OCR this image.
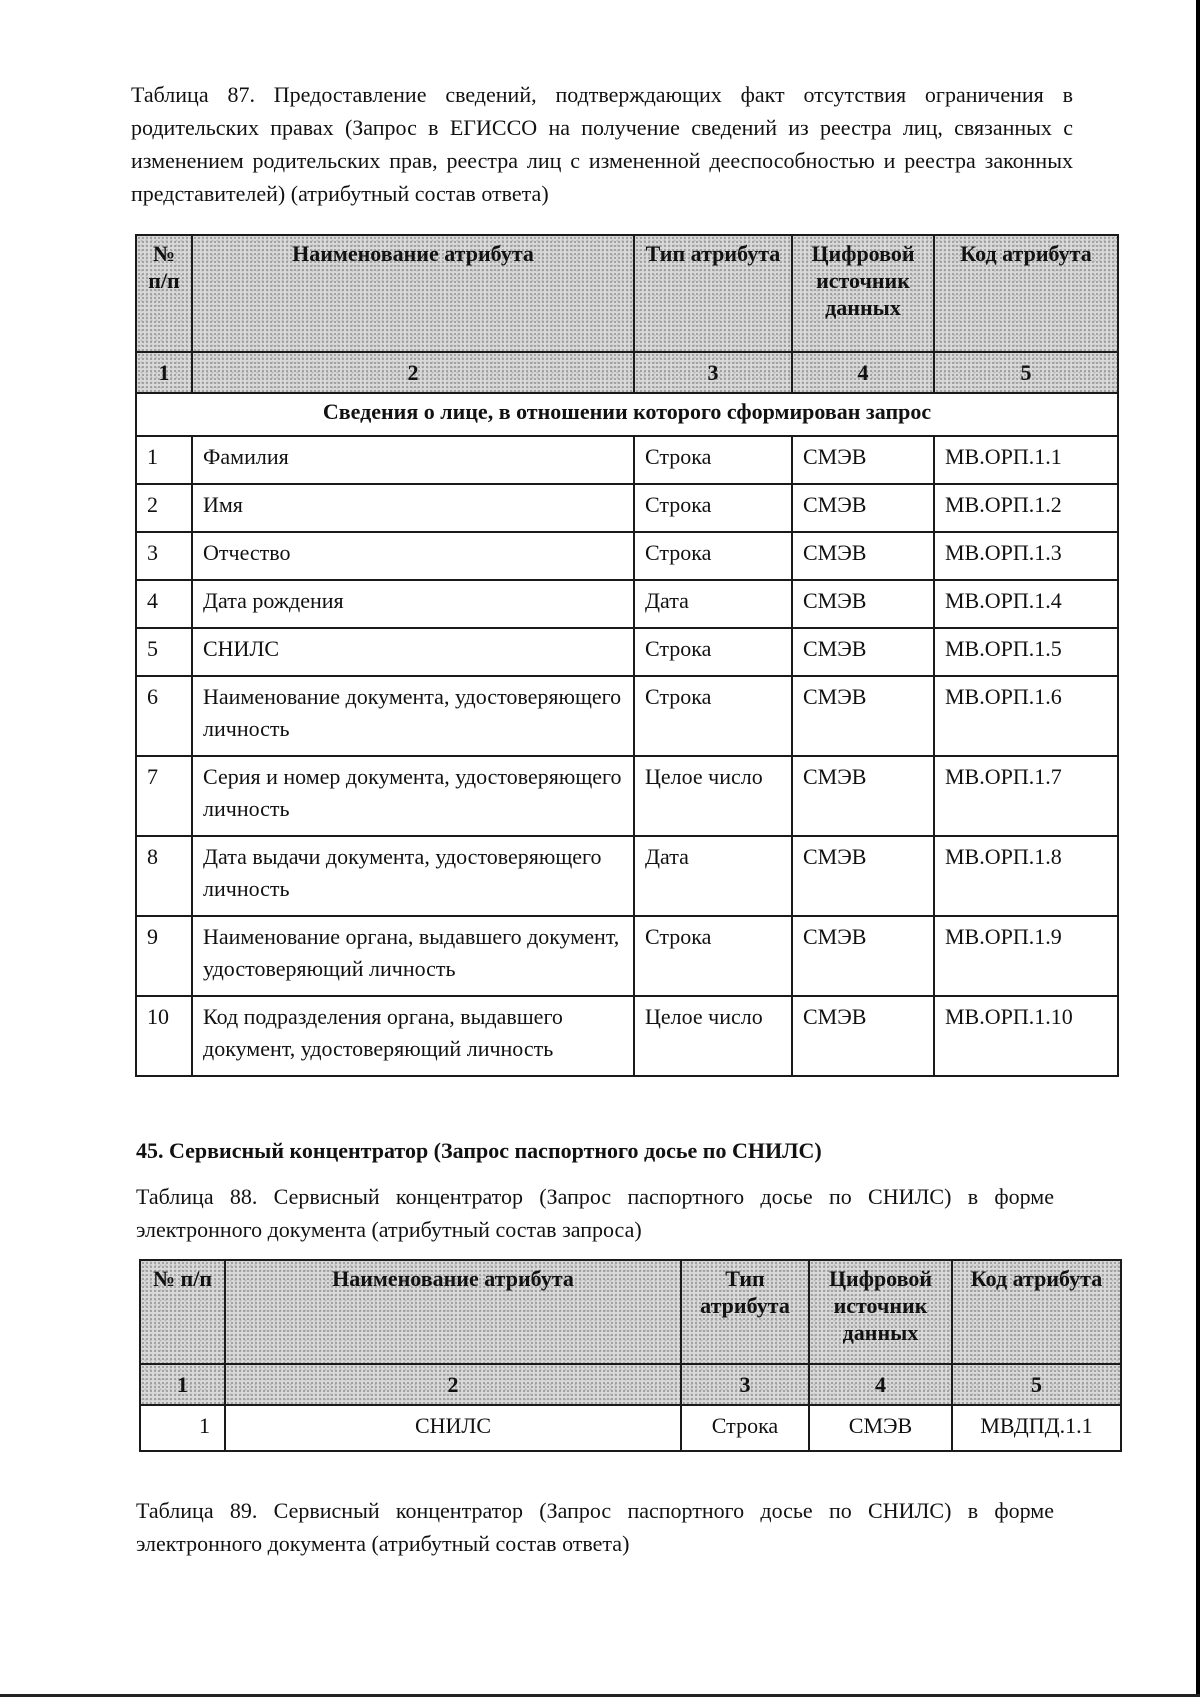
Таблица 87. Предоставление сведений, подтверждающих факт отсутствия ограничения в родительских правах (Запрос в ЕГИССО на получение сведений из реестра лиц, связанных с изменением родительских прав, реестра лиц с измененной дееспособностью и реестра законных представителей) (атрибутный состав ответа)

№ п/п	Наименование атрибута	Тип атрибута	Цифровой источник данных	Код атрибута
1	2	3	4	5
Сведения о лице, в отношении которого сформирован запрос				
1	Фамилия	Строка	СМЭВ	МВ.ОРП.1.1
2	Имя	Строка	СМЭВ	МВ.ОРП.1.2
3	Отчество	Строка	СМЭВ	МВ.ОРП.1.3
4	Дата рождения	Дата	СМЭВ	МВ.ОРП.1.4
5	СНИЛС	Строка	СМЭВ	МВ.ОРП.1.5
6	Наименование документа, удостоверяющего личность	Строка	СМЭВ	МВ.ОРП.1.6
7	Серия и номер документа, удостоверяющего личность	Целое число	СМЭВ	МВ.ОРП.1.7
8	Дата выдачи документа, удостоверяющего личность	Дата	СМЭВ	МВ.ОРП.1.8
9	Наименование органа, выдавшего документ, удостоверяющий личность	Строка	СМЭВ	МВ.ОРП.1.9
10	Код подразделения органа, выдавшего документ, удостоверяющий личность	Целое число	СМЭВ	МВ.ОРП.1.10

45. Сервисный концентратор (Запрос паспортного досье по СНИЛС)

Таблица 88. Сервисный концентратор (Запрос паспортного досье по СНИЛС) в форме электронного документа (атрибутный состав запроса)

№ п/п	Наименование атрибута	Тип атрибута	Цифровой источник данных	Код атрибута
1	2	3	4	5
1	СНИЛС	Строка	СМЭВ	МВДПД.1.1

Таблица 89. Сервисный концентратор (Запрос паспортного досье по СНИЛС) в форме электронного документа (атрибутный состав ответа)
